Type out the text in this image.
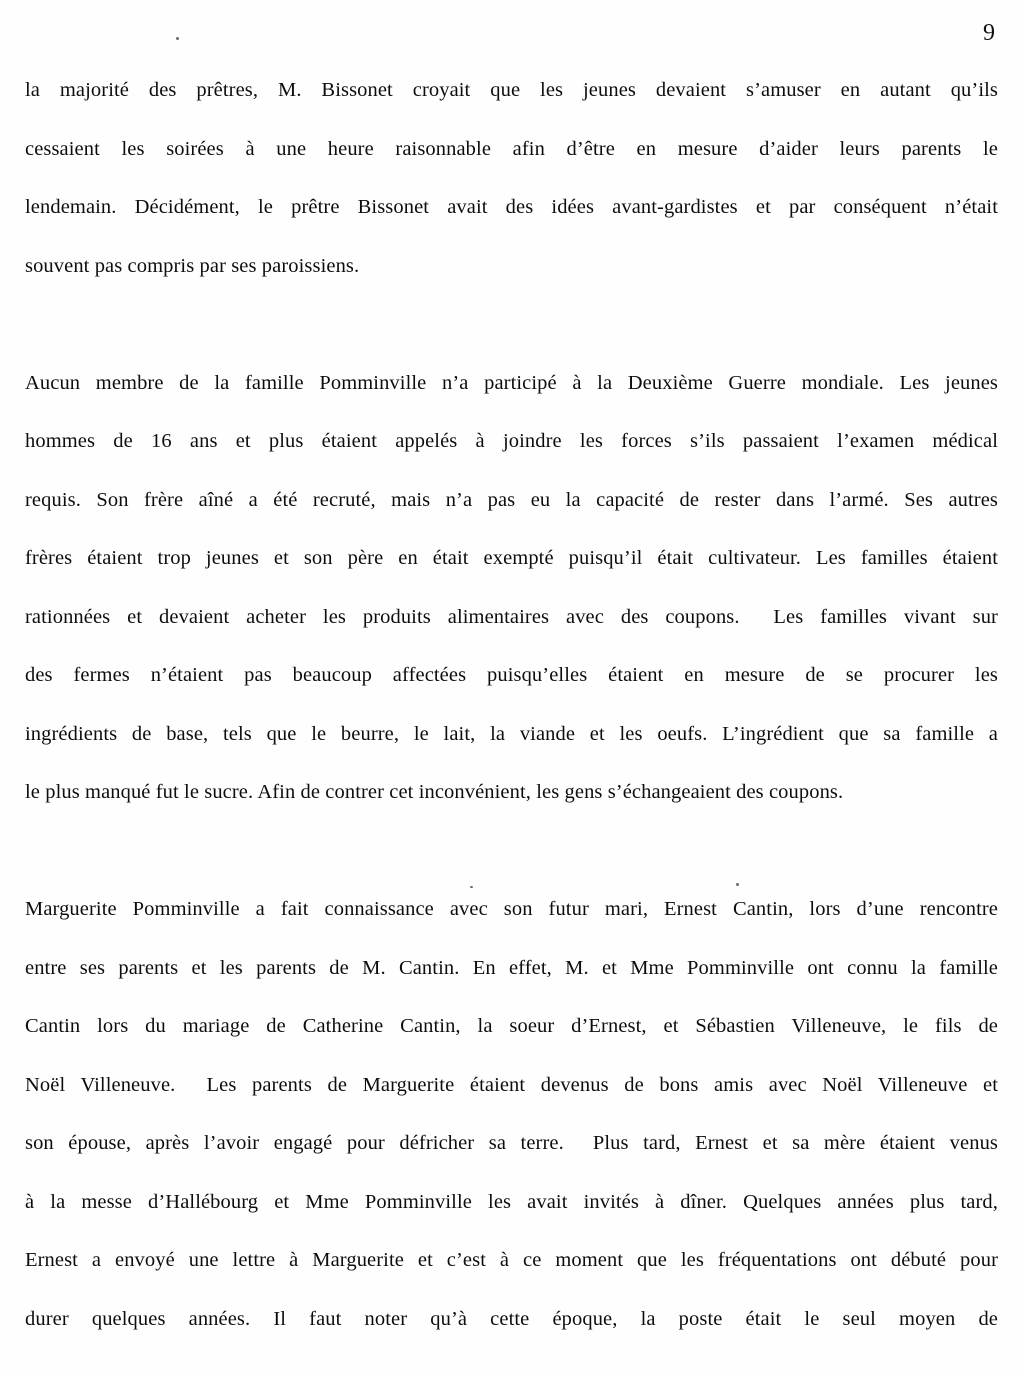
9
la majorité des prêtres, M. Bissonet croyait que les jeunes devaient s’amuser en autant qu’ils
cessaient les soirées à une heure raisonnable afin d’être en mesure d’aider leurs parents le
lendemain. Décidément, le prêtre Bissonet avait des idées avant-gardistes et par conséquent n’était
souvent pas compris par ses paroissiens.
Aucun membre de la famille Pomminville n’a participé à la Deuxième Guerre mondiale. Les jeunes
hommes de 16 ans et plus étaient appelés à joindre les forces s’ils passaient l’examen médical
requis. Son frère aîné a été recruté, mais n’a pas eu la capacité de rester dans l’armé. Ses autres
frères étaient trop jeunes et son père en était exempté puisqu’il était cultivateur. Les familles étaient
rationnées et devaient acheter les produits alimentaires avec des coupons.  Les familles vivant sur
des fermes n’étaient pas beaucoup affectées puisqu’elles étaient en mesure de se procurer les
ingrédients de base, tels que le beurre, le lait, la viande et les oeufs. L’ingrédient que sa famille a
le plus manqué fut le sucre. Afin de contrer cet inconvénient, les gens s’échangeaient des coupons.
Marguerite Pomminville a fait connaissance avec son futur mari, Ernest Cantin, lors d’une rencontre
entre ses parents et les parents de M. Cantin. En effet, M. et Mme Pomminville ont connu la famille
Cantin lors du mariage de Catherine Cantin, la soeur d’Ernest, et Sébastien Villeneuve, le fils de
Noël Villeneuve.  Les parents de Marguerite étaient devenus de bons amis avec Noël Villeneuve et
son épouse, après l’avoir engagé pour défricher sa terre.  Plus tard, Ernest et sa mère étaient venus
à la messe d’Hallébourg et Mme Pomminville les avait invités à dîner. Quelques années plus tard,
Ernest a envoyé une lettre à Marguerite et c’est à ce moment que les fréquentations ont débuté pour
durer quelques années. Il faut noter qu’à cette époque, la poste était le seul moyen de
